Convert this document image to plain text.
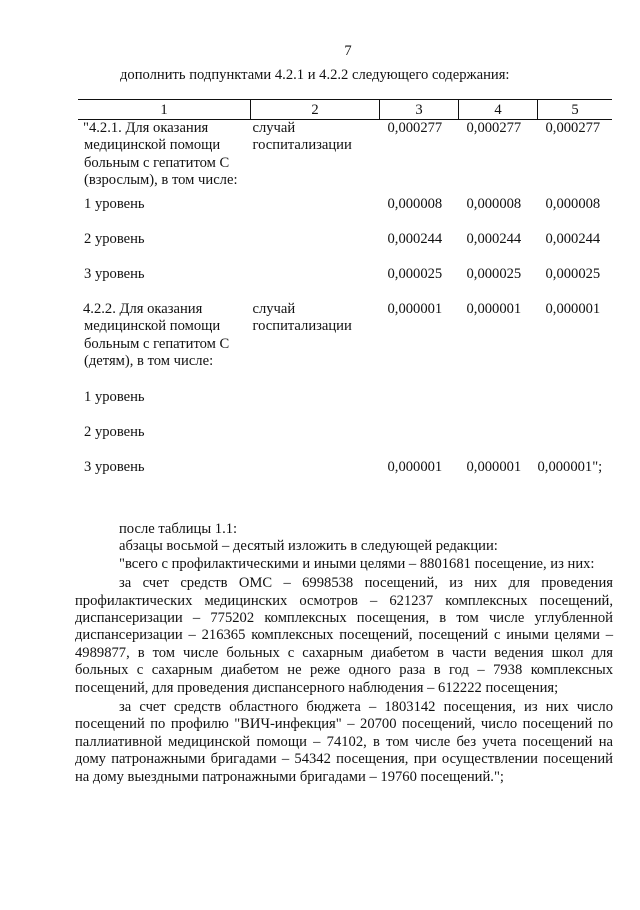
7
дополнить подпунктами 4.2.1 и 4.2.2 следующего содержания:
1	2	3	4	5
"4.2.1. Для оказания медицинской помощи больным с гепатитом С (взрослым), в том числе:	случай госпитализации	0,000277	0,000277	0,000277
1 уровень		0,000008	0,000008	0,000008
2 уровень		0,000244	0,000244	0,000244
3 уровень		0,000025	0,000025	0,000025
4.2.2. Для оказания медицинской помощи больным с гепатитом С (детям), в том числе:	случай госпитализации	0,000001	0,000001	0,000001
1 уровень				
2 уровень				
3 уровень		0,000001	0,000001	0,000001";

после таблицы 1.1:

абзацы восьмой – десятый изложить в следующей редакции:

"всего с профилактическими и иными целями – 8801681 посещение, из них:

за счет средств ОМС – 6998538 посещений, из них для проведения профилактических медицинских осмотров – 621237 комплексных посещений, диспансеризации – 775202 комплексных посещения, в том числе углубленной диспансеризации – 216365 комплексных посещений, посещений с иными целями – 4989877, в том числе больных с сахарным диабетом в части ведения школ для больных с сахарным диабетом не реже одного раза в год – 7938 комплексных посещений, для проведения диспансерного наблюдения – 612222 посещения;

за счет средств областного бюджета – 1803142 посещения, из них число посещений по профилю "ВИЧ-инфекция" – 20700 посещений, число посещений по паллиативной медицинской помощи – 74102, в том числе без учета посещений на дому патронажными бригадами – 54342 посещения, при осуществлении посещений на дому выездными патронажными бригадами – 19760 посещений.";
